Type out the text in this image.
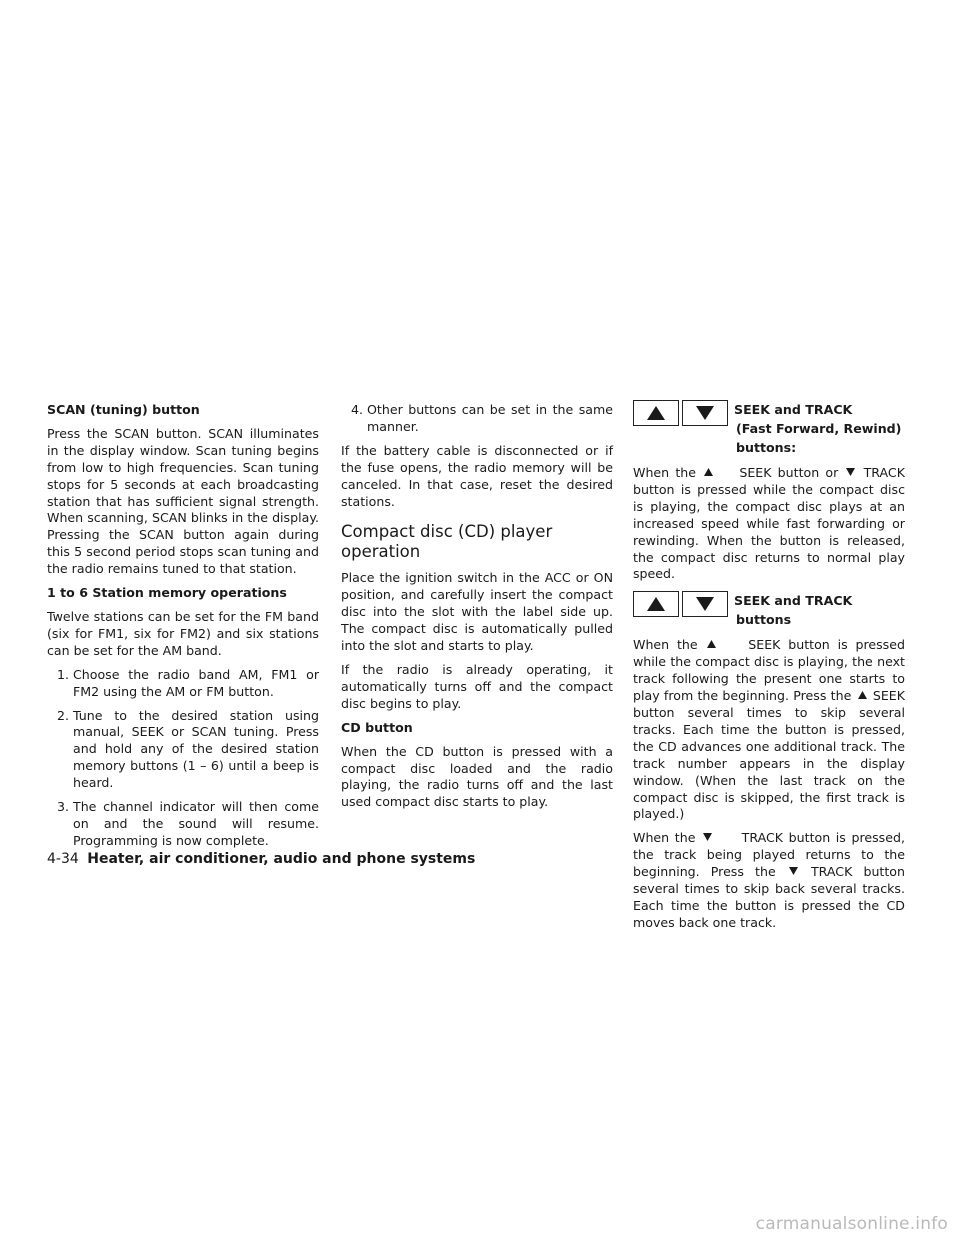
SCAN (tuning) button

Press the SCAN button. SCAN illuminates in the display window. Scan tuning begins from low to high frequencies. Scan tuning stops for 5 seconds at each broadcasting station that has sufficient signal strength. When scanning, SCAN blinks in the display. Pressing the SCAN button again during this 5 second period stops scan tuning and the radio remains tuned to that station.

1 to 6 Station memory operations

Twelve stations can be set for the FM band (six for FM1, six for FM2) and six stations can be set for the AM band.

1. Choose the radio band AM, FM1 or FM2 using the AM or FM button.
2. Tune to the desired station using manual, SEEK or SCAN tuning. Press and hold any of the desired station memory buttons (1 – 6) until a beep is heard.
3. The channel indicator will then come on and the sound will resume. Programming is now complete.
4. Other buttons can be set in the same manner.

If the battery cable is disconnected or if the fuse opens, the radio memory will be canceled. In that case, reset the desired stations.

Compact disc (CD) player operation

Place the ignition switch in the ACC or ON position, and carefully insert the compact disc into the slot with the label side up. The compact disc is automatically pulled into the slot and starts to play.

If the radio is already operating, it automatically turns off and the compact disc begins to play.

CD button

When the CD button is pressed with a compact disc loaded and the radio playing, the radio turns off and the last used compact disc starts to play.

SEEK and TRACK
(Fast Forward, Rewind)
buttons:

When the	SEEK button or TRACK button is pressed while the compact disc is playing, the compact disc plays at an increased speed while fast forwarding or rewinding. When the button is released, the compact disc returns to normal play speed.

SEEK and TRACK
buttons

When the	SEEK button is pressed while the compact disc is playing, the next track following the present one starts to play from the beginning. Press the SEEK button several times to skip several tracks. Each time the button is pressed, the CD advances one additional track. The track number appears in the display window. (When the last track on the compact disc is skipped, the first track is played.)

When the	TRACK button is pressed, the track being played returns to the beginning. Press the	TRACK button several times to skip back several tracks. Each time the button is pressed the CD moves back one track.

4-34 Heater, air conditioner, audio and phone systems
carmanualsonline.info
